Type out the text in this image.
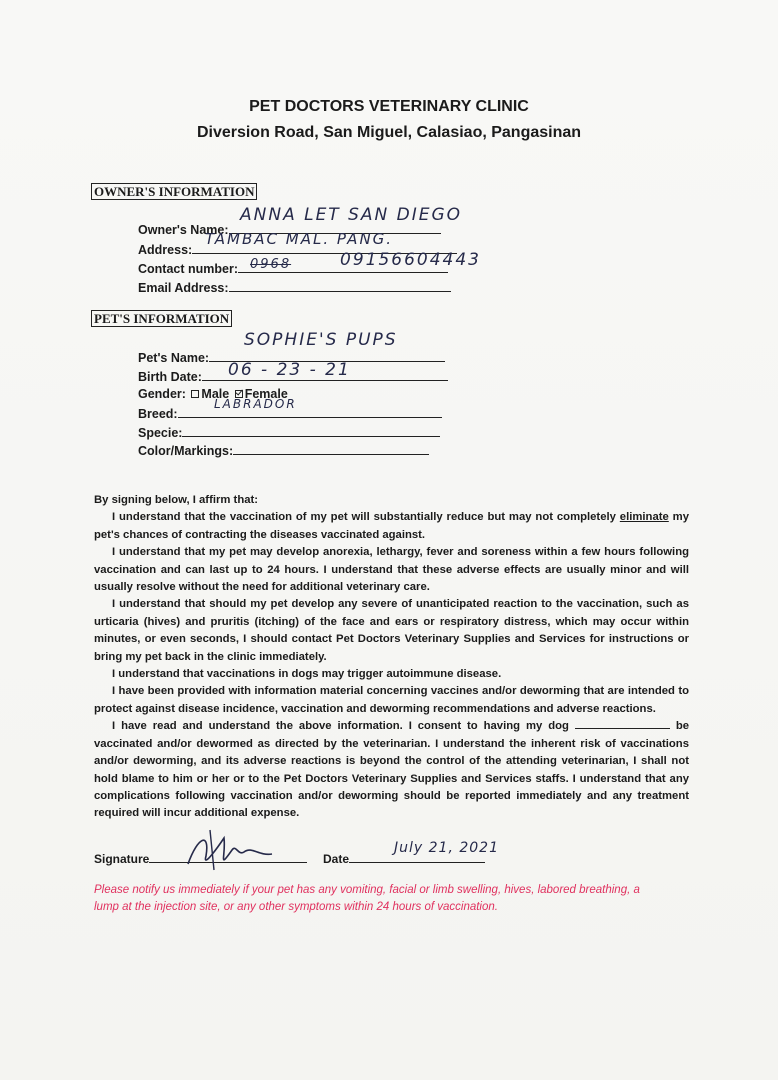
PET DOCTORS VETERINARY CLINIC
Diversion Road, San Miguel, Calasiao, Pangasinan
OWNER'S INFORMATION
Owner's Name:
ANNA LET SAN DIEGO
Address:
TAMBAC MAL. PANG.
Contact number: 0968	09156604443
Email Address:
PET'S INFORMATION
Pet's Name:
SOPHIE'S PUPS
Birth Date:	06 - 23 - 21
Gender: Male Female
Breed:
LABRADOR
Specie:
Color/Markings:

By signing below, I affirm that:

I understand that the vaccination of my pet will substantially reduce but may not completely eliminate my pet's chances of contracting the diseases vaccinated against.

I understand that my pet may develop anorexia, lethargy, fever and soreness within a few hours following vaccination and can last up to 24 hours. I understand that these adverse effects are usually minor and will usually resolve without the need for additional veterinary care.

I understand that should my pet develop any severe of unanticipated reaction to the vaccination, such as urticaria (hives) and pruritis (itching) of the face and ears or respiratory distress, which may occur within minutes, or even seconds, I should contact Pet Doctors Veterinary Supplies and Services for instructions or bring my pet back in the clinic immediately.

I understand that vaccinations in dogs may trigger autoimmune disease.

I have been provided with information material concerning vaccines and/or deworming that are intended to protect against disease incidence, vaccination and deworming recommendations and adverse reactions.

I have read and understand the above information. I consent to having my dog	be vaccinated and/or dewormed as directed by the veterinarian. I understand the inherent risk of vaccinations and/or deworming, and its adverse reactions is beyond the control of the attending veterinarian, I shall not hold blame to him or her or to the Pet Doctors Veterinary Supplies and Services staffs. I understand that any complications following vaccination and/or deworming should be reported immediately and any treatment required will incur additional expense.

Signature	Date
July 21, 2021
Please notify us immediately if your pet has any vomiting, facial or limb swelling, hives, labored breathing, a lump at the injection site, or any other symptoms within 24 hours of vaccination.
